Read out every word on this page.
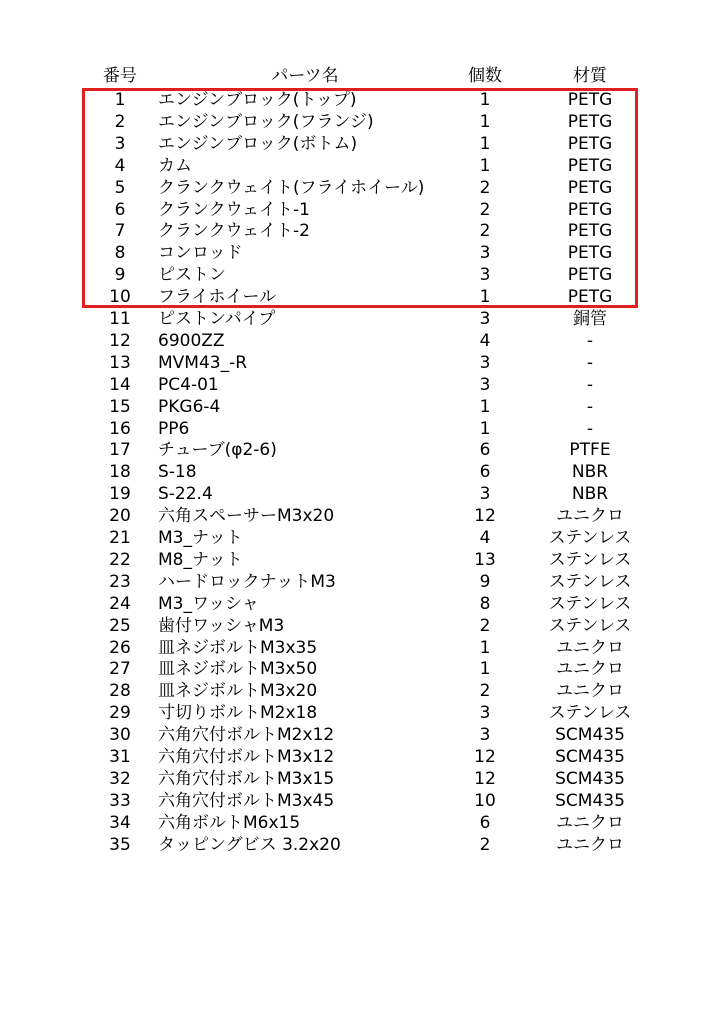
番号	パーツ名	個数	材質
1	エンジンブロック(トップ)	1	PETG
2	エンジンブロック(フランジ)	1	PETG
3	エンジンブロック(ボトム)	1	PETG
4	カム	1	PETG
5	クランクウェイト(フライホイール)	2	PETG
6	クランクウェイト-1	2	PETG
7	クランクウェイト-2	2	PETG
8	コンロッド	3	PETG
9	ピストン	3	PETG
10	フライホイール	1	PETG
11	ピストンパイプ	3	銅管
12	6900ZZ	4	-
13	MVM43_-R	3	-
14	PC4-01	3	-
15	PKG6-4	1	-
16	PP6	1	-
17	チューブ(φ2-6)	6	PTFE
18	S-18	6	NBR
19	S-22.4	3	NBR
20	六角スペーサーM3x20	12	ユニクロ
21	M3_ナット	4	ステンレス
22	M8_ナット	13	ステンレス
23	ハードロックナットM3	9	ステンレス
24	M3_ワッシャ	8	ステンレス
25	歯付ワッシャM3	2	ステンレス
26	皿ネジボルトM3x35	1	ユニクロ
27	皿ネジボルトM3x50	1	ユニクロ
28	皿ネジボルトM3x20	2	ユニクロ
29	寸切りボルトM2x18	3	ステンレス
30	六角穴付ボルトM2x12	3	SCM435
31	六角穴付ボルトM3x12	12	SCM435
32	六角穴付ボルトM3x15	12	SCM435
33	六角穴付ボルトM3x45	10	SCM435
34	六角ボルトM6x15	6	ユニクロ
35	タッピングビス 3.2x20	2	ユニクロ
